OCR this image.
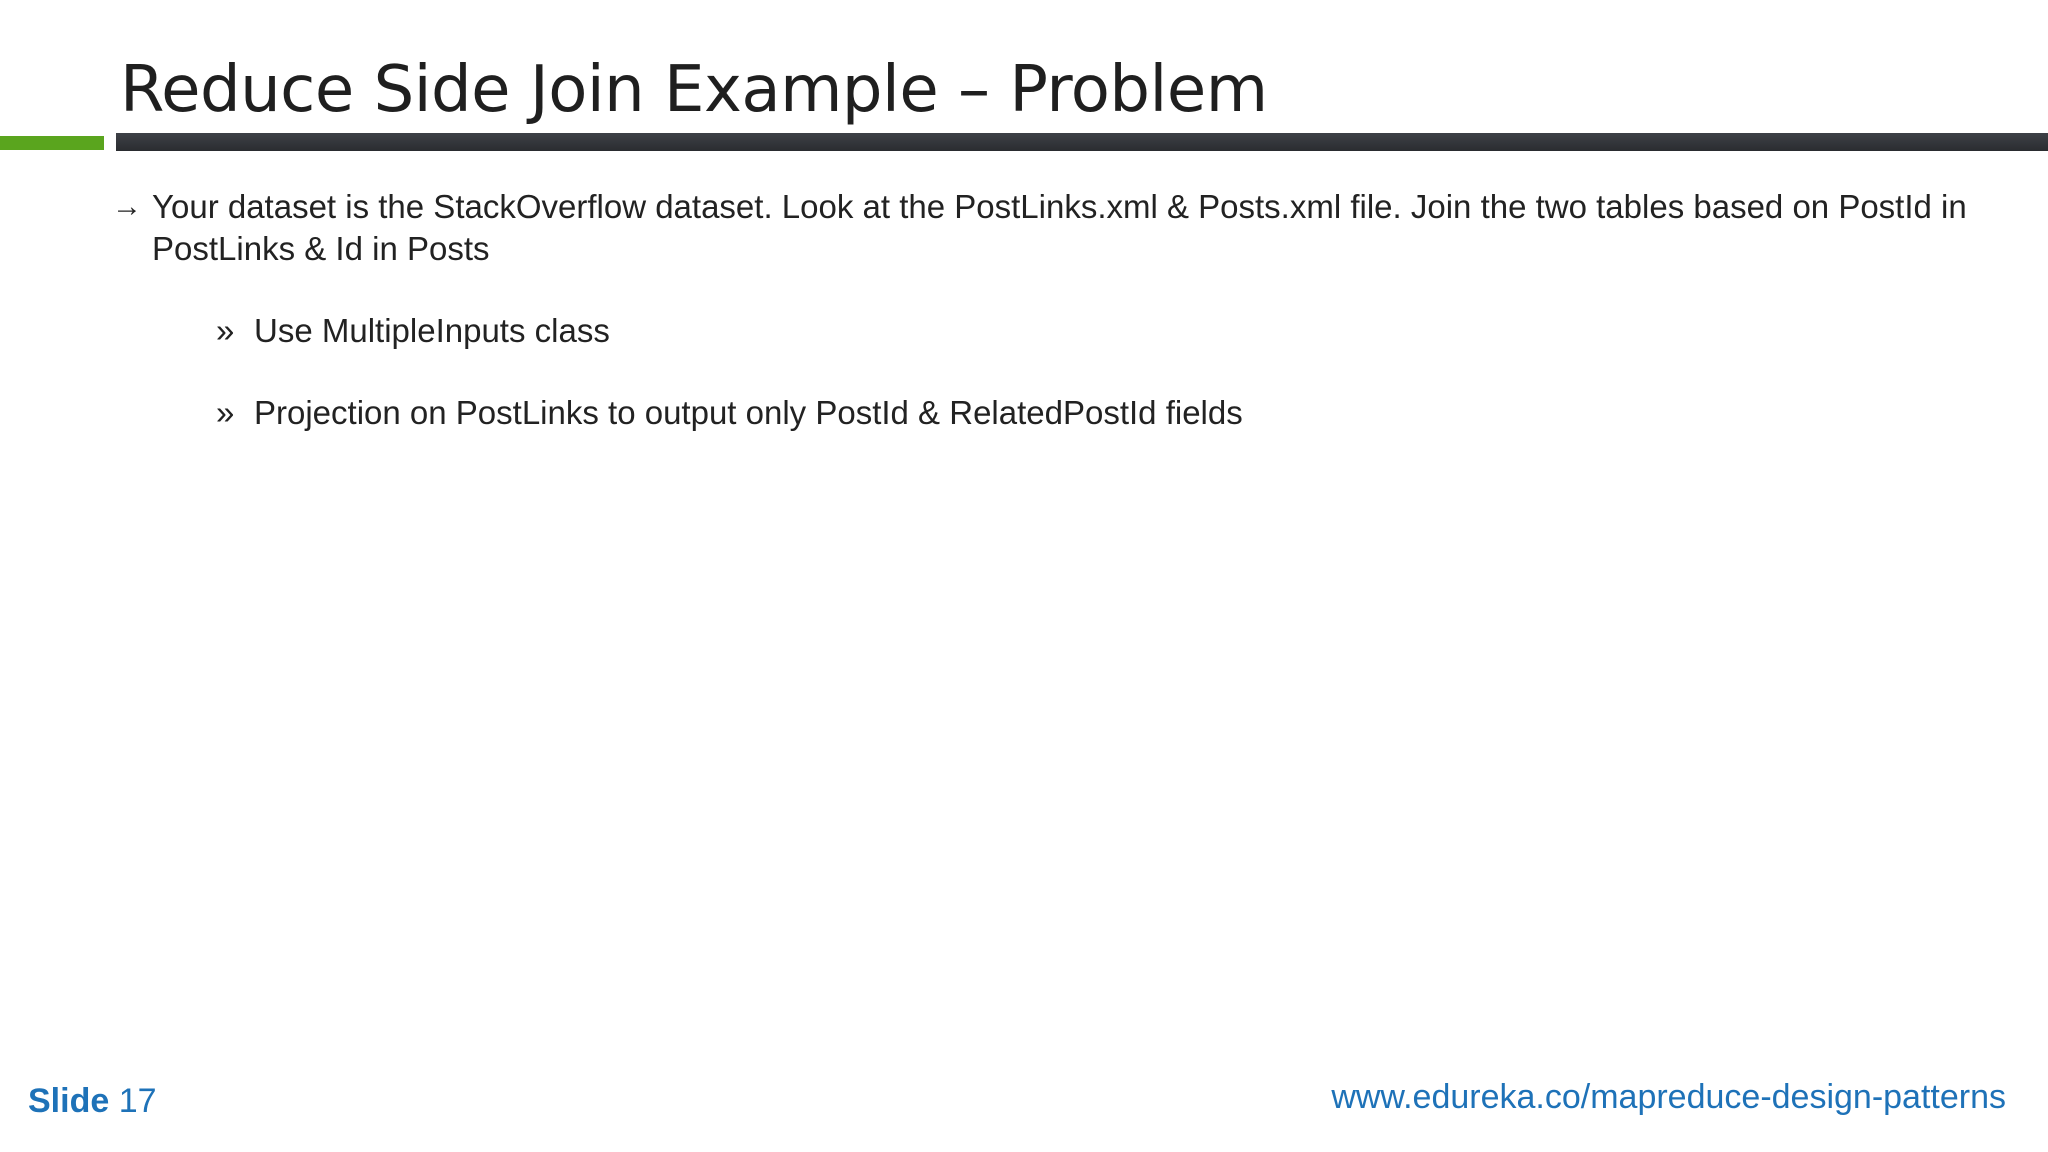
Reduce Side Join Example – Problem
→ Your dataset is the StackOverflow dataset. Look at the PostLinks.xml & Posts.xml file. Join the two tables based on PostId in PostLinks & Id in Posts
» Use MultipleInputs class
» Projection on PostLinks to output only PostId & RelatedPostId fields
Slide 17	www.edureka.co/mapreduce-design-patterns
